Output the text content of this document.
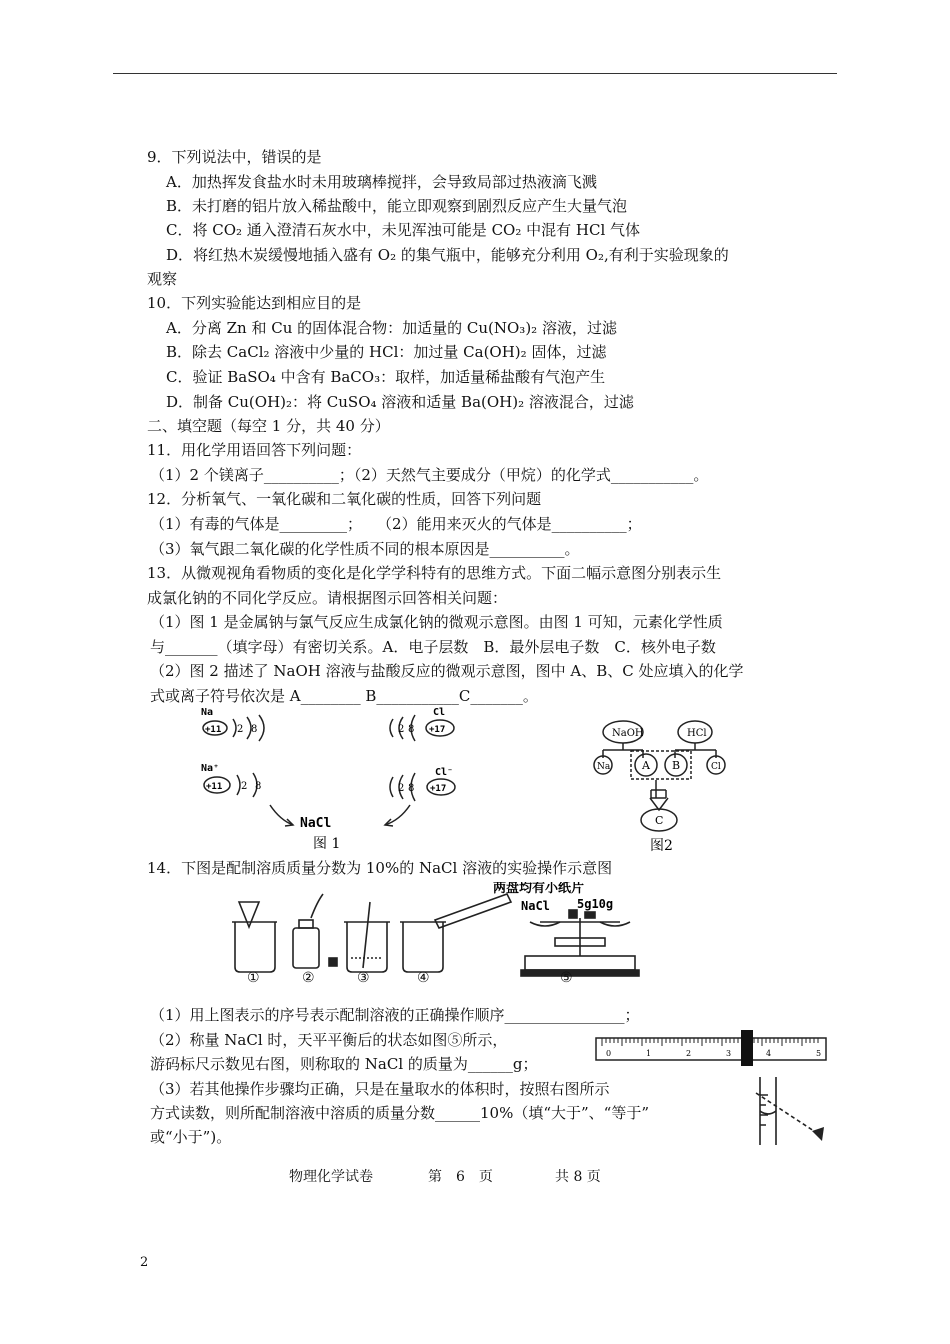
9．下列说法中，错误的是
A．加热挥发食盐水时未用玻璃棒搅拌，会导致局部过热液滴飞溅
B．未打磨的铝片放入稀盐酸中，能立即观察到剧烈反应产生大量气泡
C．将 CO₂ 通入澄清石灰水中，未见浑浊可能是 CO₂ 中混有 HCl 气体
D．将红热木炭缓慢地插入盛有 O₂ 的集气瓶中，能够充分利用 O₂,有利于实验现象的
观察
10．下列实验能达到相应目的是
A．分离 Zn 和 Cu 的固体混合物：加适量的 Cu(NO₃)₂ 溶液，过滤
B．除去 CaCl₂ 溶液中少量的 HCl：加过量 Ca(OH)₂ 固体，过滤
C．验证 BaSO₄ 中含有 BaCO₃：取样，加适量稀盐酸有气泡产生
D．制备 Cu(OH)₂：将 CuSO₄ 溶液和适量 Ba(OH)₂ 溶液混合，过滤
二、填空题（每空 1 分，共 40 分）
11．用化学用语回答下列问题：
（1）2 个镁离子__________；（2）天然气主要成分（甲烷）的化学式___________。
12．分析氧气、一氧化碳和二氧化碳的性质，回答下列问题
（1）有毒的气体是_________；　　（2）能用来灭火的气体是__________；
（3）氧气跟二氧化碳的化学性质不同的根本原因是__________。
13．从微观视角看物质的变化是化学学科特有的思维方式。下面二幅示意图分别表示生
成氯化钠的不同化学反应。请根据图示回答相关问题：
（1）图 1 是金属钠与氯气反应生成氯化钠的微观示意图。由图 1 可知，元素化学性质
与_______（填字母）有密切关系。A．电子层数　B．最外层电子数　C．核外电子数
（2）图 2 描述了 NaOH 溶液与盐酸反应的微观示意图，图中 A、B、C 处应填入的化学
式或离子符号依次是 A________ B___________C_______。
Na
+11 2 8	2 8
Cl
+17
Na⁺
+11 2 8	2 8
Cl⁻
+17
NaCl
图 1
NaOH	HCl
Na	A B	Cl
C
图2
14．下图是配制溶质质量分数为 10%的 NaCl 溶液的实验操作示意图
两盘均有小纸片
NaCl 5g10g
①	②	③	④	⑤
（1）用上图表示的序号表示配制溶液的正确操作顺序________________；
（2）称量 NaCl 时，天平平衡后的状态如图⑤所示，
游码标尺示数见右图，则称取的 NaCl 的质量为______g；
（3）若其他操作步骤均正确，只是在量取水的体积时，按照右图所示
方式读数，则所配制溶液中溶质的质量分数______10%（填“大于”、“等于”
或“小于”)。
0	1	2	3	4	5
物理化学试卷	第　6　页	共 8 页
2
